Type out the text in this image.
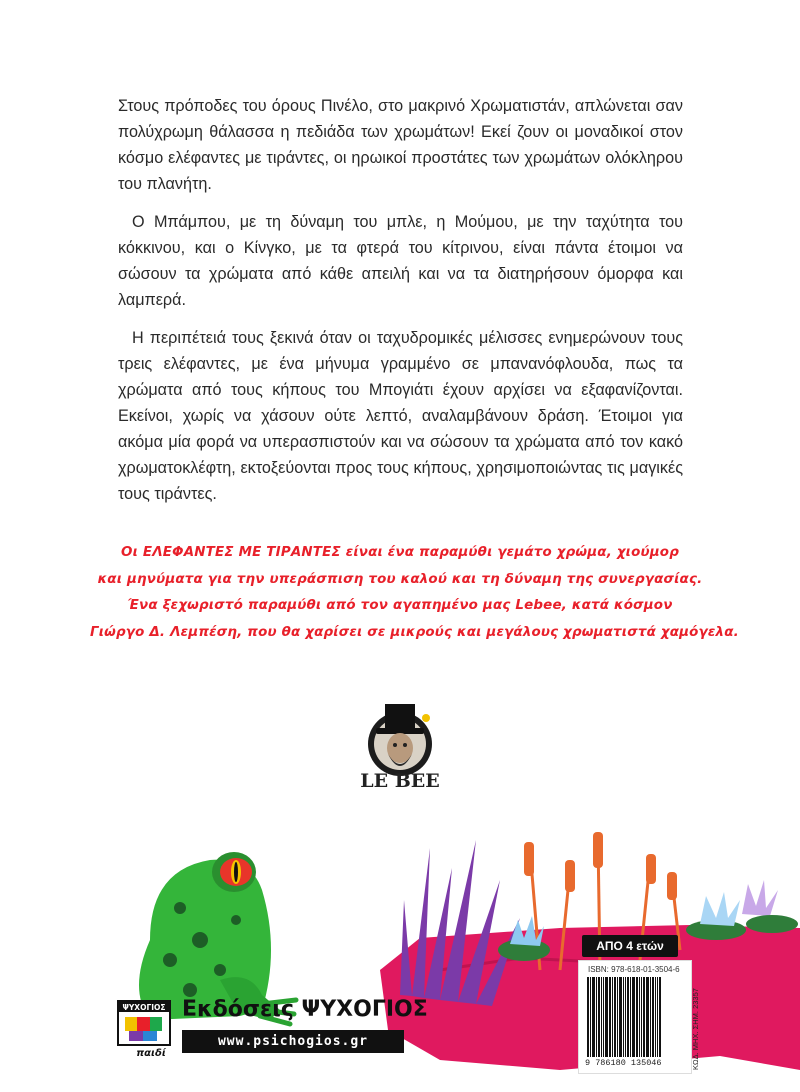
Στους πρόποδες του όρους Πινέλο, στο μακρινό Χρωματιστάν, απλώνεται σαν πολύχρωμη θάλασσα η πεδιάδα των χρωμάτων! Εκεί ζουν οι μοναδικοί στον κόσμο ελέφαντες με τιράντες, οι ηρωικοί προστάτες των χρωμάτων ολόκληρου του πλανήτη.

Ο Μπάμπου, με τη δύναμη του μπλε, η Μούμου, με την ταχύτητα του κόκκινου, και ο Κίνγκο, με τα φτερά του κίτρινου, είναι πάντα έτοιμοι να σώσουν τα χρώματα από κάθε απειλή και να τα διατηρήσουν όμορφα και λαμπερά.

Η περιπέτειά τους ξεκινά όταν οι ταχυδρομικές μέλισσες ενημερώνουν τους τρεις ελέφαντες, με ένα μήνυμα γραμμένο σε μπανανόφλουδα, πως τα χρώματα από τους κήπους του Μπογιάτι έχουν αρχίσει να εξαφανίζονται. Εκείνοι, χωρίς να χάσουν ούτε λεπτό, αναλαμβάνουν δράση. Έτοιμοι για ακόμα μία φορά να υπερασπιστούν και να σώσουν τα χρώματα από τον κακό χρωματοκλέφτη, εκτοξεύονται προς τους κήπους, χρησιμοποιώντας τις μαγικές τους τιράντες.

Οι ΕΛΕΦΑΝΤΕΣ ΜΕ ΤΙΡΑΝΤΕΣ είναι ένα παραμύθι γεμάτο χρώμα, χιούμορ
και μηνύματα για την υπεράσπιση του καλού και τη δύναμη της συνεργασίας.
Ένα ξεχωριστό παραμύθι από τον αγαπημένο μας Lebee, κατά κόσμον
Γιώργο Δ. Λεμπέση, που θα χαρίσει σε μικρούς και μεγάλους χρωματιστά χαμόγελα.
LE BEE
ΑΠΟ 4 ετών
ISBN: 978-618-01-3504-6
9 786180 135046	ΚΩΔ. ΜΗΧ. ΣΗΜ. 23357
ΨΥΧΟΓΙΟΣ
παιδί
Εκδόσεις ΨΥΧΟΓΙΟΣ
www.psichogios.gr
